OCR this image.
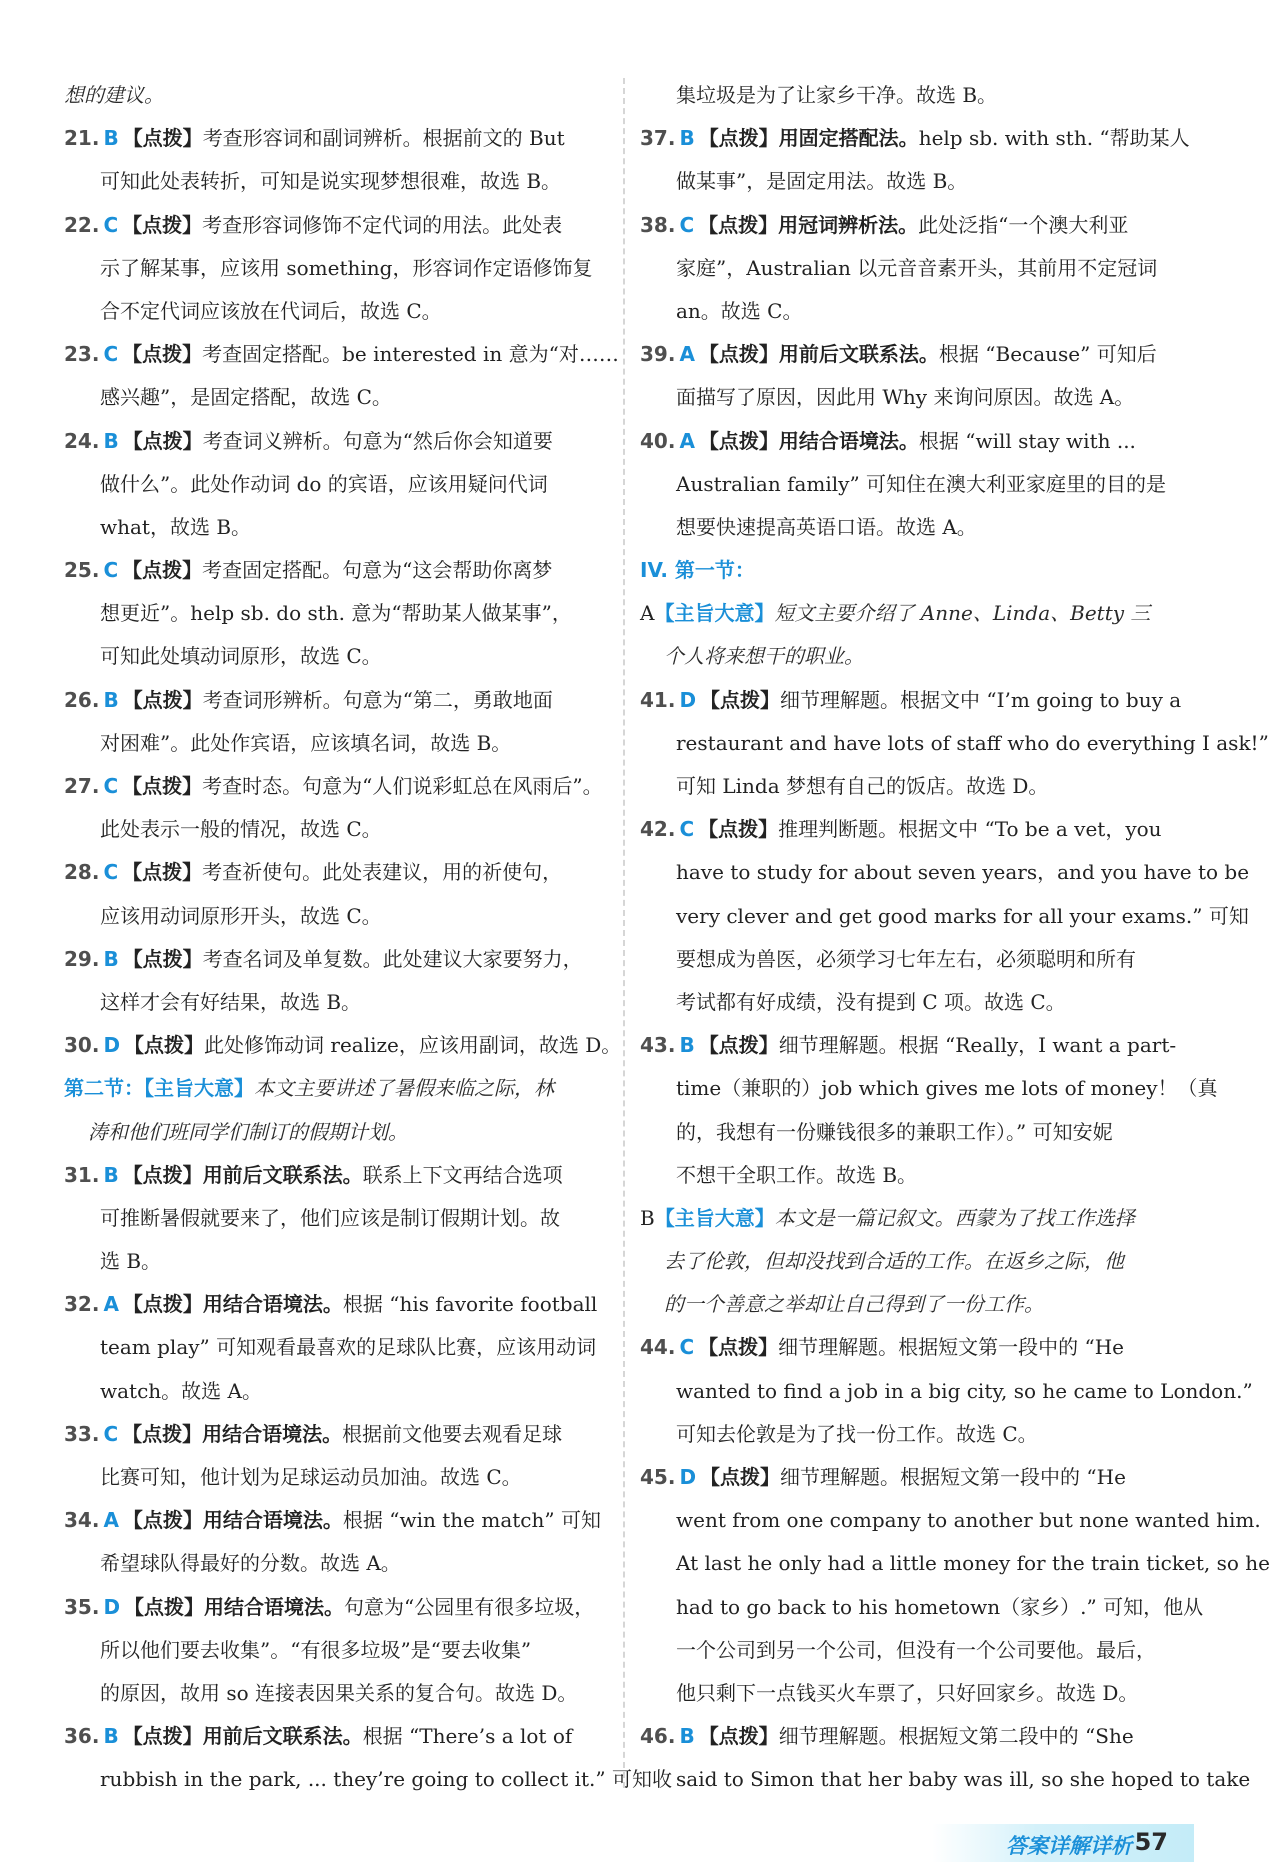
想的建议。
21. B 【点拨】考查形容词和副词辨析。根据前文的 But
可知此处表转折，可知是说实现梦想很难，故选 B。
22. C 【点拨】考查形容词修饰不定代词的用法。此处表
示了解某事，应该用 something，形容词作定语修饰复
合不定代词应该放在代词后，故选 C。
23. C 【点拨】考查固定搭配。be interested in 意为“对……
感兴趣”，是固定搭配，故选 C。
24. B 【点拨】考查词义辨析。句意为“然后你会知道要
做什么”。此处作动词 do 的宾语，应该用疑问代词
what，故选 B。
25. C 【点拨】考查固定搭配。句意为“这会帮助你离梦
想更近”。help sb. do sth. 意为“帮助某人做某事”，
可知此处填动词原形，故选 C。
26. B 【点拨】考查词形辨析。句意为“第二，勇敢地面
对困难”。此处作宾语，应该填名词，故选 B。
27. C 【点拨】考查时态。句意为“人们说彩虹总在风雨后”。
此处表示一般的情况，故选 C。
28. C 【点拨】考查祈使句。此处表建议，用的祈使句，
应该用动词原形开头，故选 C。
29. B 【点拨】考查名词及单复数。此处建议大家要努力，
这样才会有好结果，故选 B。
30. D 【点拨】此处修饰动词 realize，应该用副词，故选 D。
第二节：【主旨大意】本文主要讲述了暑假来临之际，林
涛和他们班同学们制订的假期计划。
31. B 【点拨】用前后文联系法。联系上下文再结合选项
可推断暑假就要来了，他们应该是制订假期计划。故
选 B。
32. A 【点拨】用结合语境法。根据 “his favorite football
team play” 可知观看最喜欢的足球队比赛，应该用动词
watch。故选 A。
33. C 【点拨】用结合语境法。根据前文他要去观看足球
比赛可知，他计划为足球运动员加油。故选 C。
34. A 【点拨】用结合语境法。根据 “win the match” 可知
希望球队得最好的分数。故选 A。
35. D 【点拨】用结合语境法。句意为“公园里有很多垃圾，
所以他们要去收集”。“有很多垃圾”是“要去收集”
的原因，故用 so 连接表因果关系的复合句。故选 D。
36. B 【点拨】用前后文联系法。根据 “There’s a lot of
rubbish in the park, ... they’re going to collect it.” 可知收
集垃圾是为了让家乡干净。故选 B。
37. B 【点拨】用固定搭配法。help sb. with sth. “帮助某人
做某事”，是固定用法。故选 B。
38. C 【点拨】用冠词辨析法。此处泛指“一个澳大利亚
家庭”，Australian 以元音音素开头，其前用不定冠词
an。故选 C。
39. A 【点拨】用前后文联系法。根据 “Because” 可知后
面描写了原因，因此用 Why 来询问原因。故选 A。
40. A 【点拨】用结合语境法。根据 “will stay with ...
Australian family” 可知住在澳大利亚家庭里的目的是
想要快速提高英语口语。故选 A。
IV. 第一节：
A【主旨大意】短文主要介绍了 Anne、Linda、Betty 三
个人将来想干的职业。
41. D 【点拨】细节理解题。根据文中 “I’m going to buy a
restaurant and have lots of staff who do everything I ask!”
可知 Linda 梦想有自己的饭店。故选 D。
42. C 【点拨】推理判断题。根据文中 “To be a vet，you
have to study for about seven years，and you have to be
very clever and get good marks for all your exams.” 可知
要想成为兽医，必须学习七年左右，必须聪明和所有
考试都有好成绩，没有提到 C 项。故选 C。
43. B 【点拨】细节理解题。根据 “Really，I want a part-
time（兼职的）job which gives me lots of money！（真
的，我想有一份赚钱很多的兼职工作）。” 可知安妮
不想干全职工作。故选 B。
B【主旨大意】本文是一篇记叙文。西蒙为了找工作选择
去了伦敦，但却没找到合适的工作。在返乡之际，他
的一个善意之举却让自己得到了一份工作。
44. C 【点拨】细节理解题。根据短文第一段中的 “He
wanted to find a job in a big city, so he came to London.”
可知去伦敦是为了找一份工作。故选 C。
45. D 【点拨】细节理解题。根据短文第一段中的 “He
went from one company to another but none wanted him.
At last he only had a little money for the train ticket, so he
had to go back to his hometown（家乡）.” 可知，他从
一个公司到另一个公司，但没有一个公司要他。最后，
他只剩下一点钱买火车票了，只好回家乡。故选 D。
46. B 【点拨】细节理解题。根据短文第二段中的 “She
said to Simon that her baby was ill, so she hoped to take
答案详解详析 57
